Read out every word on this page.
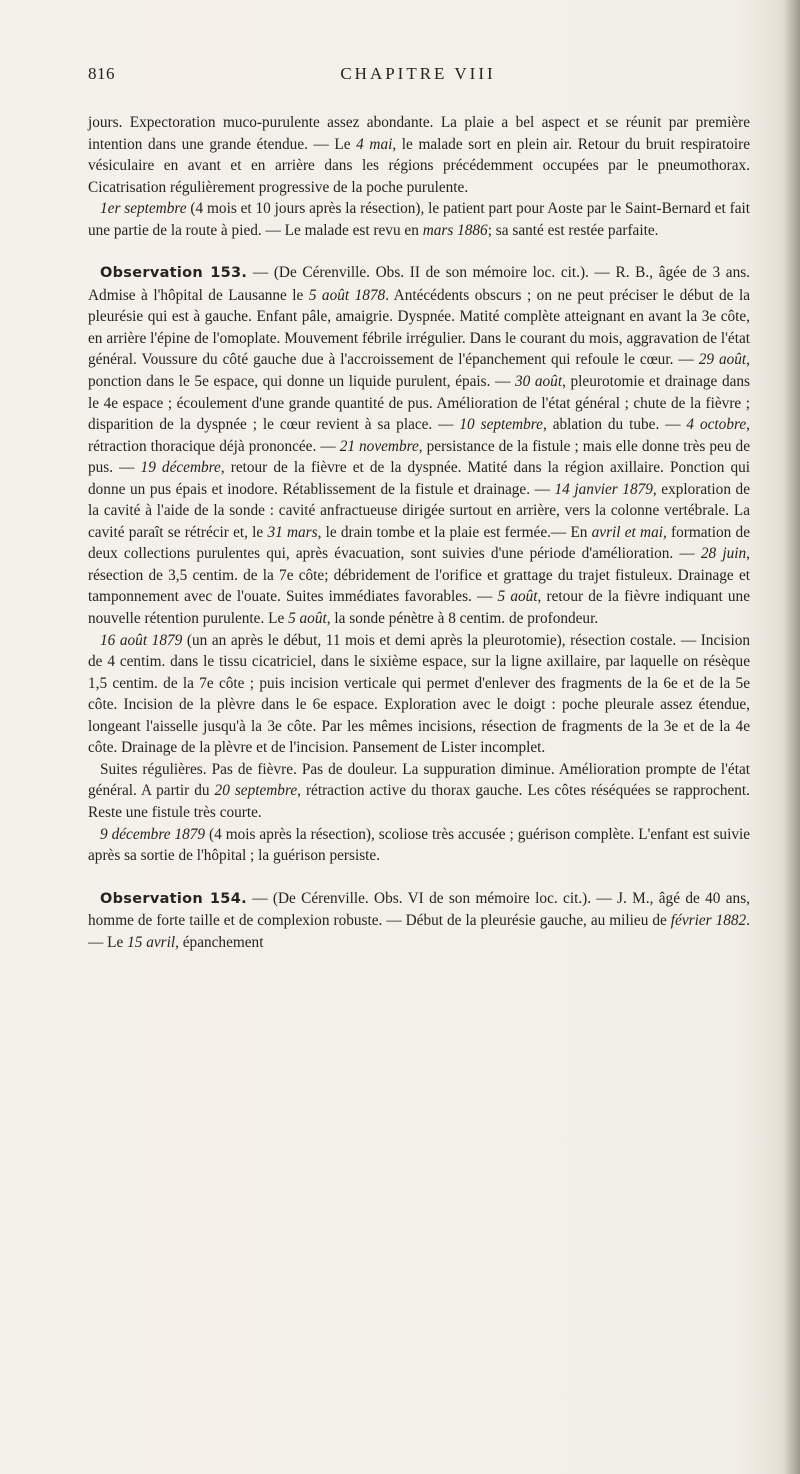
816	CHAPITRE VIII

jours. Expectoration muco-purulente assez abondante. La plaie a bel aspect et se réunit par première intention dans une grande étendue. — Le 4 mai, le malade sort en plein air. Retour du bruit respiratoire vésiculaire en avant et en arrière dans les régions précédemment occupées par le pneumothorax. Cicatrisation régulièrement progressive de la poche purulente.

1er septembre (4 mois et 10 jours après la résection), le patient part pour Aoste par le Saint-Bernard et fait une partie de la route à pied. — Le malade est revu en mars 1886; sa santé est restée parfaite.

Observation 153. — (De Cérenville. Obs. II de son mémoire loc. cit.). — R. B., âgée de 3 ans. Admise à l'hôpital de Lausanne le 5 août 1878. Antécédents obscurs ; on ne peut préciser le début de la pleurésie qui est à gauche. Enfant pâle, amaigrie. Dyspnée. Matité complète atteignant en avant la 3e côte, en arrière l'épine de l'omoplate. Mouvement fébrile irrégulier. Dans le courant du mois, aggravation de l'état général. Voussure du côté gauche due à l'accroissement de l'épanchement qui refoule le cœur. — 29 août, ponction dans le 5e espace, qui donne un liquide purulent, épais. — 30 août, pleurotomie et drainage dans le 4e espace ; écoulement d'une grande quantité de pus. Amélioration de l'état général ; chute de la fièvre ; disparition de la dyspnée ; le cœur revient à sa place. — 10 septembre, ablation du tube. — 4 octobre, rétraction thoracique déjà prononcée. — 21 novembre, persistance de la fistule ; mais elle donne très peu de pus. — 19 décembre, retour de la fièvre et de la dyspnée. Matité dans la région axillaire. Ponction qui donne un pus épais et inodore. Rétablissement de la fistule et drainage. — 14 janvier 1879, exploration de la cavité à l'aide de la sonde : cavité anfractueuse dirigée surtout en arrière, vers la colonne vertébrale. La cavité paraît se rétrécir et, le 31 mars, le drain tombe et la plaie est fermée.— En avril et mai, formation de deux collections purulentes qui, après évacuation, sont suivies d'une période d'amélioration. — 28 juin, résection de 3,5 centim. de la 7e côte; débridement de l'orifice et grattage du trajet fistuleux. Drainage et tamponnement avec de l'ouate. Suites immédiates favorables. — 5 août, retour de la fièvre indiquant une nouvelle rétention purulente. Le 5 août, la sonde pénètre à 8 centim. de profondeur.

16 août 1879 (un an après le début, 11 mois et demi après la pleurotomie), résection costale. — Incision de 4 centim. dans le tissu cicatriciel, dans le sixième espace, sur la ligne axillaire, par laquelle on résèque 1,5 centim. de la 7e côte ; puis incision verticale qui permet d'enlever des fragments de la 6e et de la 5e côte. Incision de la plèvre dans le 6e espace. Exploration avec le doigt : poche pleurale assez étendue, longeant l'aisselle jusqu'à la 3e côte. Par les mêmes incisions, résection de fragments de la 3e et de la 4e côte. Drainage de la plèvre et de l'incision. Pansement de Lister incomplet.

Suites régulières. Pas de fièvre. Pas de douleur. La suppuration diminue. Amélioration prompte de l'état général. A partir du 20 septembre, rétraction active du thorax gauche. Les côtes réséquées se rapprochent. Reste une fistule très courte.

9 décembre 1879 (4 mois après la résection), scoliose très accusée ; guérison complète. L'enfant est suivie après sa sortie de l'hôpital ; la guérison persiste.

Observation 154. — (De Cérenville. Obs. VI de son mémoire loc. cit.). — J. M., âgé de 40 ans, homme de forte taille et de complexion robuste. — Début de la pleurésie gauche, au milieu de février 1882. — Le 15 avril, épanchement
